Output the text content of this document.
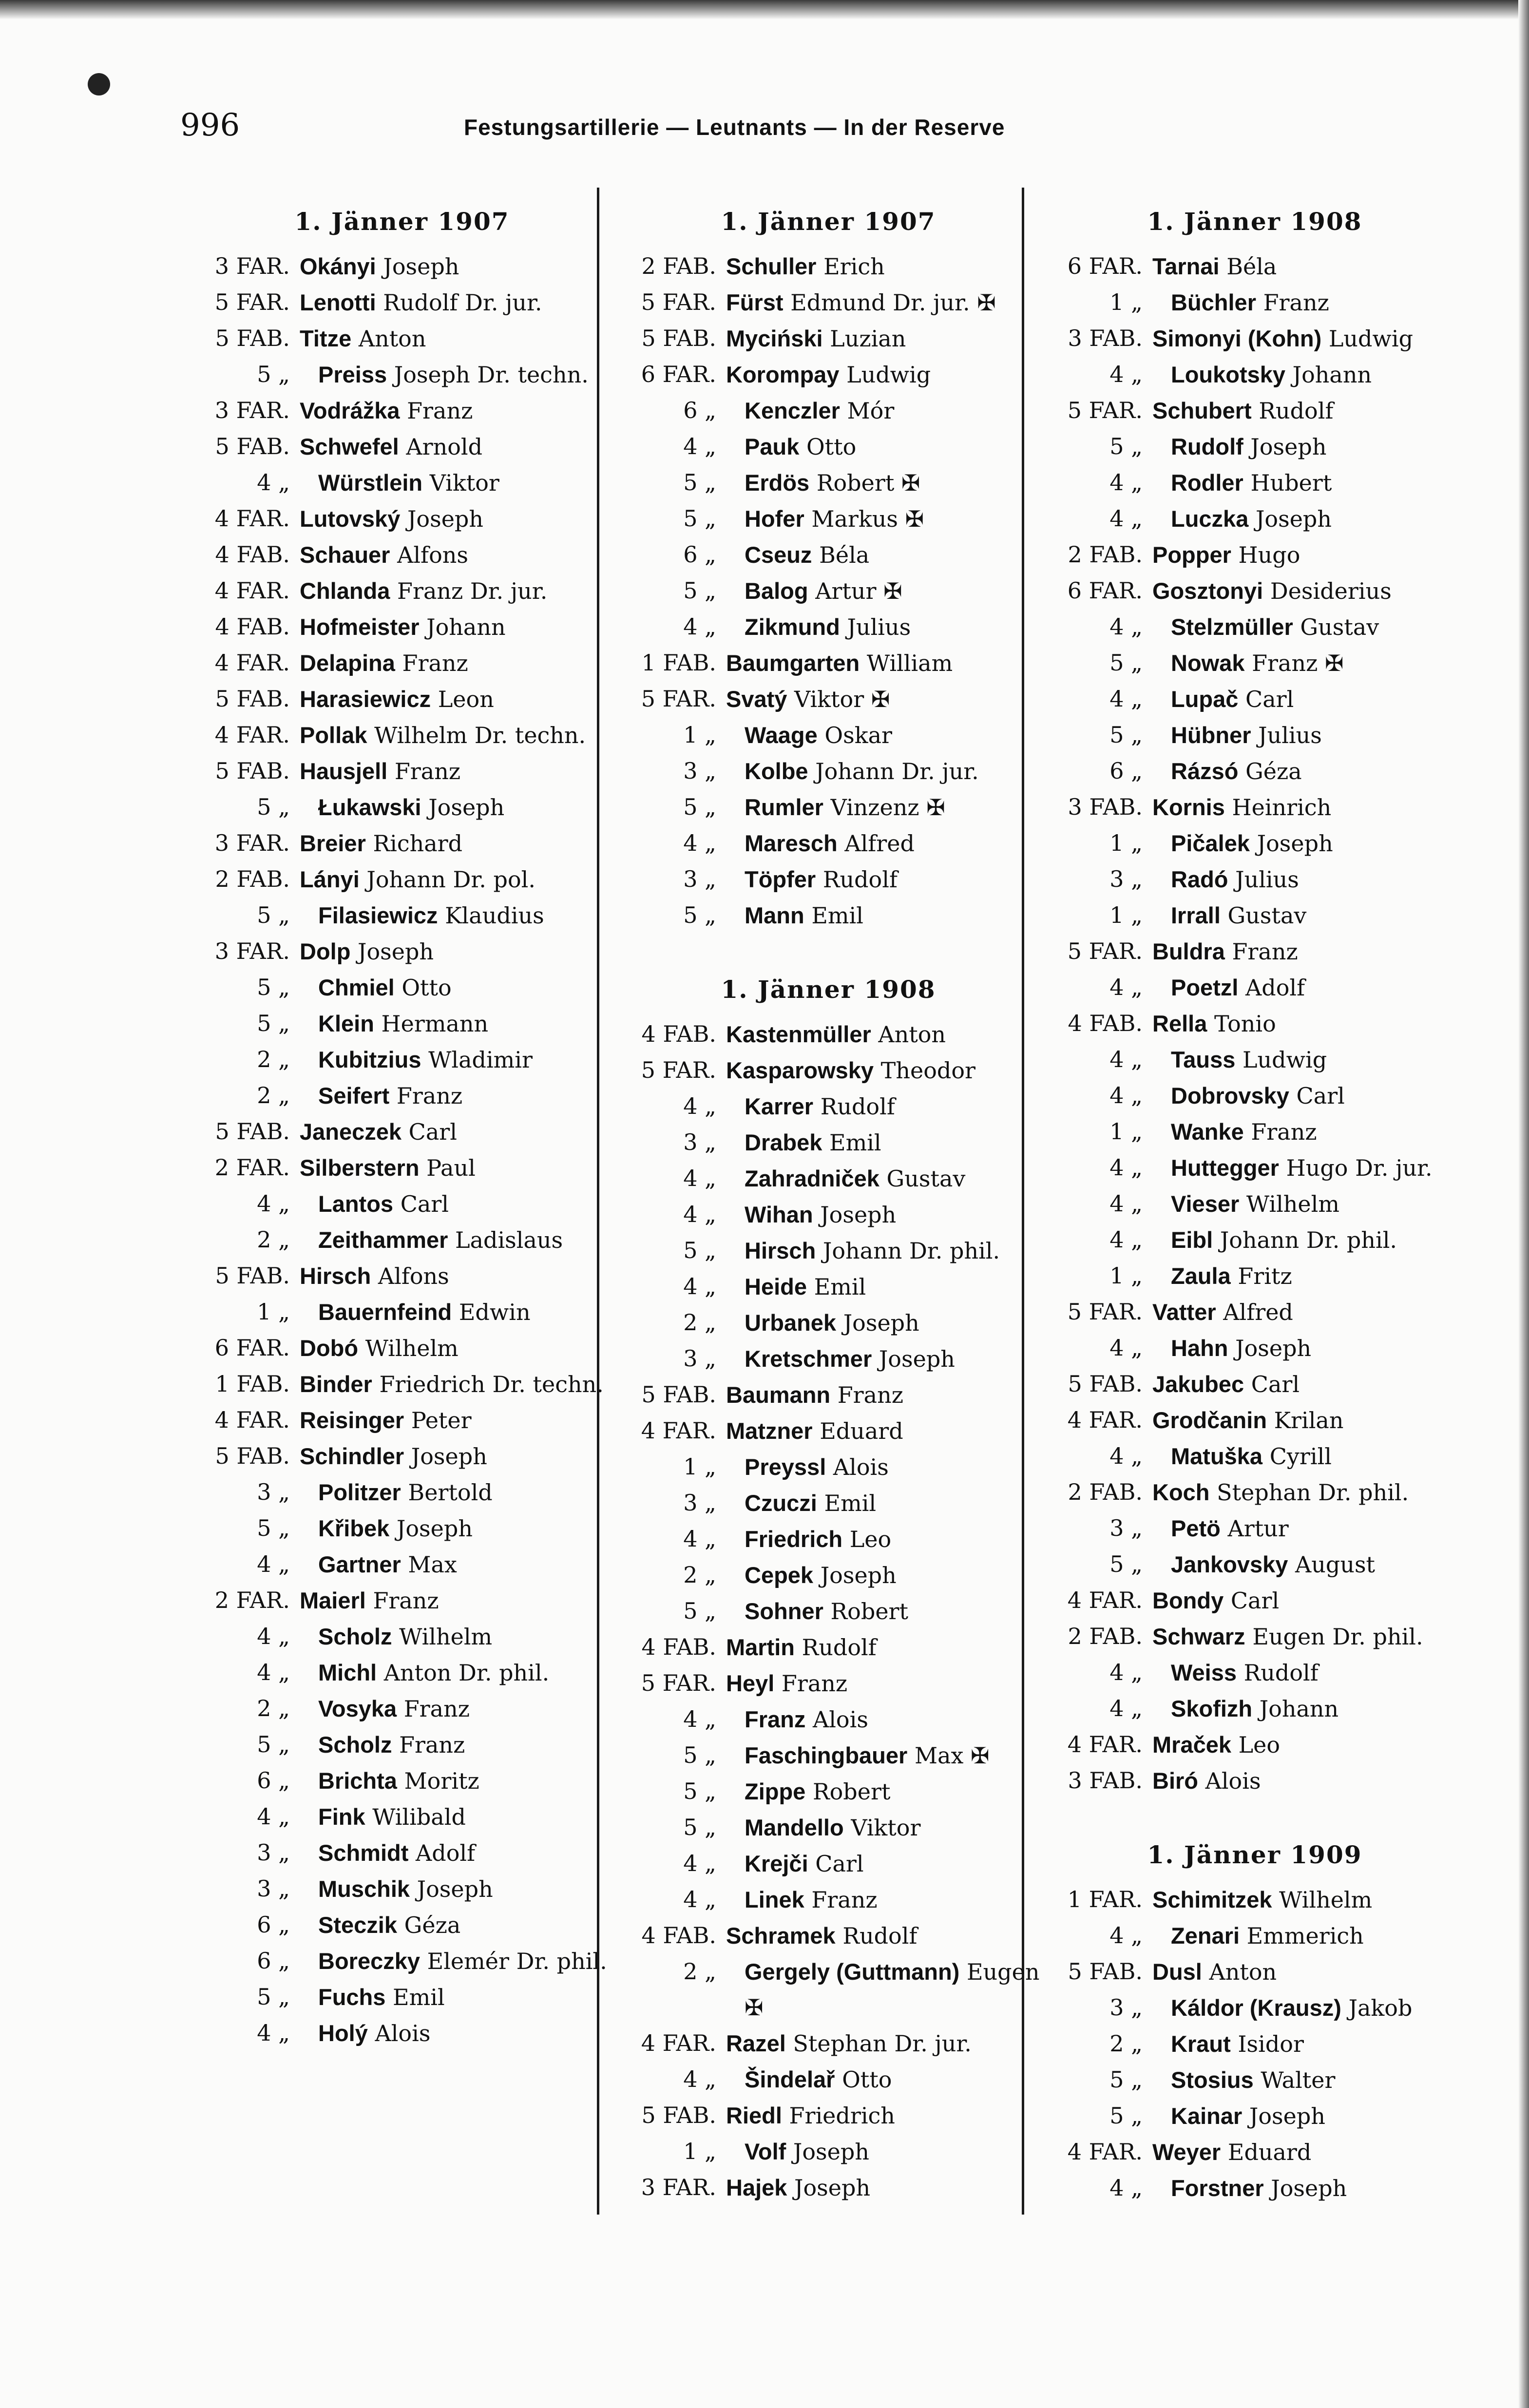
996	Festungsartillerie — Leutnants — In der Reserve
1. Jänner 1907
3 FAR. Okányi Joseph
5 FAR. Lenotti Rudolf Dr. jur.
5 FAB. Titze Anton
5 „	Preiss Joseph Dr. techn.
3 FAR. Vodrážka Franz
5 FAB. Schwefel Arnold
4 „	Würstlein Viktor
4 FAR. Lutovský Joseph
4 FAB. Schauer Alfons
4 FAR. Chlanda Franz Dr. jur.
4 FAB. Hofmeister Johann
4 FAR. Delapina Franz
5 FAB. Harasiewicz Leon
4 FAR. Pollak Wilhelm Dr. techn.
5 FAB. Hausjell Franz
5 „	Łukawski Joseph
3 FAR. Breier Richard
2 FAB. Lányi Johann Dr. pol.
5 „	Filasiewicz Klaudius
3 FAR. Dolp Joseph
5 „	Chmiel Otto
5 „	Klein Hermann
2 „	Kubitzius Wladimir
2 „	Seifert Franz
5 FAB. Janeczek Carl
2 FAR. Silberstern Paul
4 „	Lantos Carl
2 „	Zeithammer Ladislaus
5 FAB. Hirsch Alfons
1 „	Bauernfeind Edwin
6 FAR. Dobó Wilhelm
1 FAB. Binder Friedrich Dr. techn.
4 FAR. Reisinger Peter
5 FAB. Schindler Joseph
3 „	Politzer Bertold
5 „	Křibek Joseph
4 „	Gartner Max
2 FAR. Maierl Franz
4 „	Scholz Wilhelm
4 „	Michl Anton Dr. phil.
2 „	Vosyka Franz
5 „	Scholz Franz
6 „	Brichta Moritz
4 „	Fink Wilibald
3 „	Schmidt Adolf
3 „	Muschik Joseph
6 „	Steczik Géza
6 „	Boreczky Elemér Dr. phil.
5 „	Fuchs Emil
4 „	Holý Alois
1. Jänner 1907
2 FAB. Schuller Erich
5 FAR. Fürst Edmund Dr. jur. ✠
5 FAB. Myciński Luzian
6 FAR. Korompay Ludwig
6 „	Kenczler Mór
4 „	Pauk Otto
5 „	Erdös Robert ✠
5 „	Hofer Markus ✠
6 „	Cseuz Béla
5 „	Balog Artur ✠
4 „	Zikmund Julius
1 FAB. Baumgarten William
5 FAR. Svatý Viktor ✠
1 „	Waage Oskar
3 „	Kolbe Johann Dr. jur.
5 „	Rumler Vinzenz ✠
4 „	Maresch Alfred
3 „	Töpfer Rudolf
5 „	Mann Emil
1. Jänner 1908
4 FAB. Kastenmüller Anton
5 FAR. Kasparowsky Theodor
4 „	Karrer Rudolf
3 „	Drabek Emil
4 „	Zahradniček Gustav
4 „	Wihan Joseph
5 „	Hirsch Johann Dr. phil.
4 „	Heide Emil
2 „	Urbanek Joseph
3 „	Kretschmer Joseph
5 FAB. Baumann Franz
4 FAR. Matzner Eduard
1 „	Preyssl Alois
3 „	Czuczi Emil
4 „	Friedrich Leo
2 „	Cepek Joseph
5 „	Sohner Robert
4 FAB. Martin Rudolf
5 FAR. Heyl Franz
4 „	Franz Alois
5 „	Faschingbauer Max ✠
5 „	Zippe Robert
5 „	Mandello Viktor
4 „	Krejči Carl
4 „	Linek Franz
4 FAB. Schramek Rudolf
2 „	Gergely (Guttmann) Eugen ✠
4 FAR. Razel Stephan Dr. jur.
4 „	Šindelař Otto
5 FAB. Riedl Friedrich
1 „	Volf Joseph
3 FAR. Hajek Joseph
1. Jänner 1908
6 FAR. Tarnai Béla
1 „	Büchler Franz
3 FAB. Simonyi (Kohn) Ludwig
4 „	Loukotsky Johann
5 FAR. Schubert Rudolf
5 „	Rudolf Joseph
4 „	Rodler Hubert
4 „	Luczka Joseph
2 FAB. Popper Hugo
6 FAR. Gosztonyi Desiderius
4 „	Stelzmüller Gustav
5 „	Nowak Franz ✠
4 „	Lupač Carl
5 „	Hübner Julius
6 „	Rázsó Géza
3 FAB. Kornis Heinrich
1 „	Pičalek Joseph
3 „	Radó Julius
1 „	Irrall Gustav
5 FAR. Buldra Franz
4 „	Poetzl Adolf
4 FAB. Rella Tonio
4 „	Tauss Ludwig
4 „	Dobrovsky Carl
1 „	Wanke Franz
4 „	Huttegger Hugo Dr. jur.
4 „	Vieser Wilhelm
4 „	Eibl Johann Dr. phil.
1 „	Zaula Fritz
5 FAR. Vatter Alfred
4 „	Hahn Joseph
5 FAB. Jakubec Carl
4 FAR. Grodčanin Krilan
4 „	Matuška Cyrill
2 FAB. Koch Stephan Dr. phil.
3 „	Petö Artur
5 „	Jankovsky August
4 FAR. Bondy Carl
2 FAB. Schwarz Eugen Dr. phil.
4 „	Weiss Rudolf
4 „	Skofizh Johann
4 FAR. Mraček Leo
3 FAB. Biró Alois
1. Jänner 1909
1 FAR. Schimitzek Wilhelm
4 „	Zenari Emmerich
5 FAB. Dusl Anton
3 „	Káldor (Krausz) Jakob
2 „	Kraut Isidor
5 „	Stosius Walter
5 „	Kainar Joseph
4 FAR. Weyer Eduard
4 „	Forstner Joseph
